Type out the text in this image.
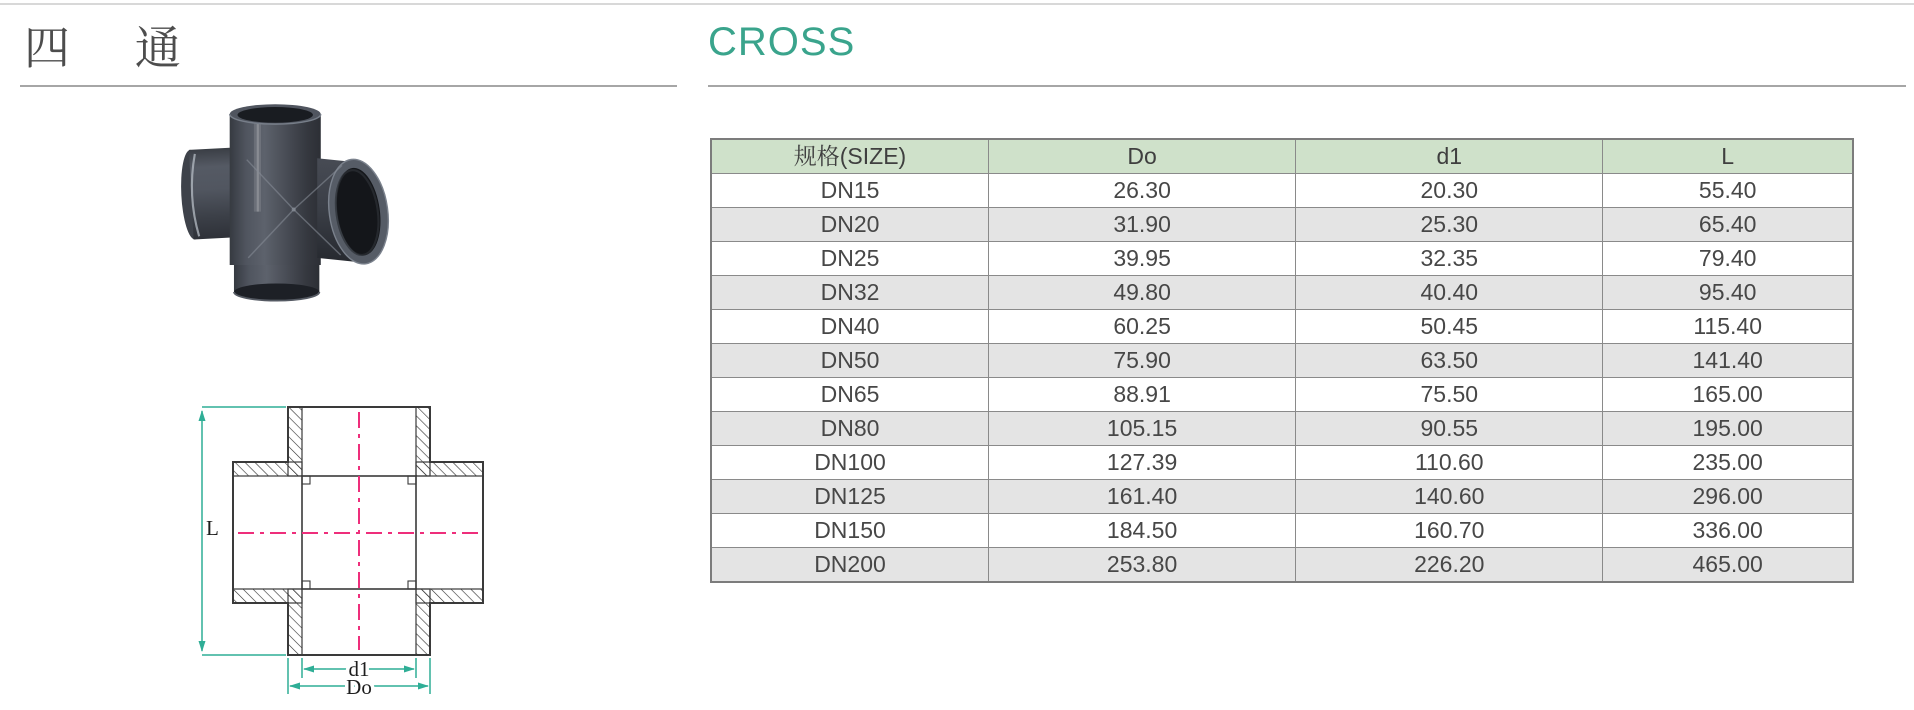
四 通	CROSS
L
d1
Do
规格(SIZE)	Do	d1	L
DN15	26.30	20.30	55.40
DN20	31.90	25.30	65.40
DN25	39.95	32.35	79.40
DN32	49.80	40.40	95.40
DN40	60.25	50.45	115.40
DN50	75.90	63.50	141.40
DN65	88.91	75.50	165.00
DN80	105.15	90.55	195.00
DN100	127.39	110.60	235.00
DN125	161.40	140.60	296.00
DN150	184.50	160.70	336.00
DN200	253.80	226.20	465.00
